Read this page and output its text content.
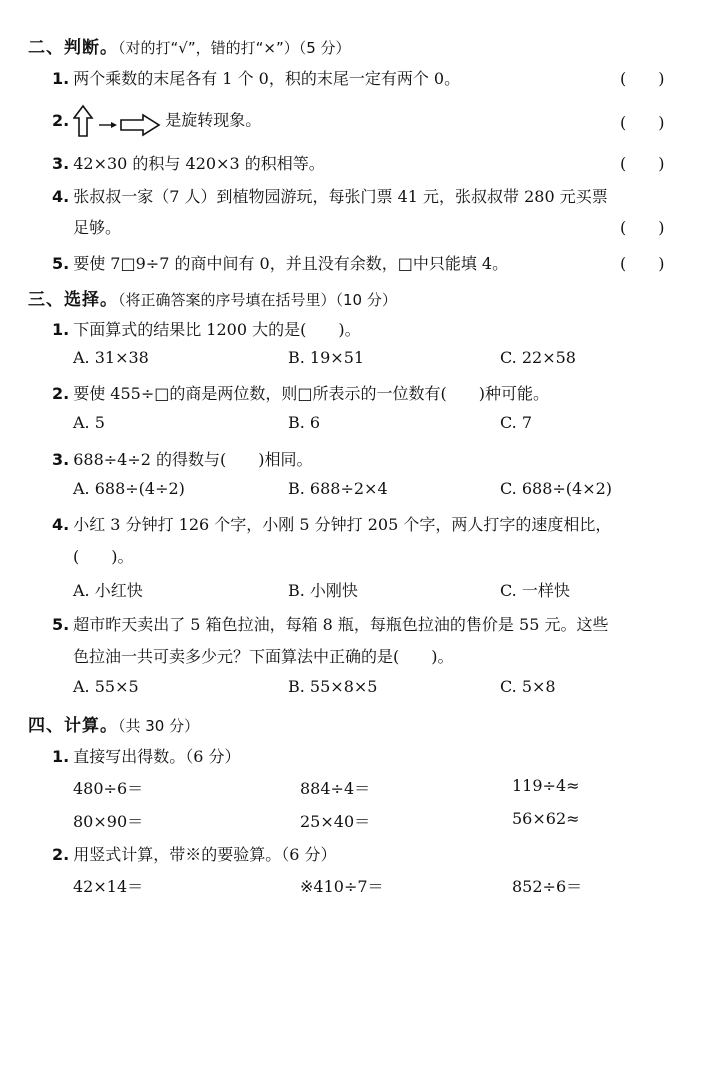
二、判断。（对的打“√”，错的打“×”）（5 分）
1. 两个乘数的末尾各有 1 个 0，积的末尾一定有两个 0。	(　　)
2.	是旋转现象。	(　　)
3. 42×30 的积与 420×3 的积相等。	(　　)
4. 张叔叔一家（7 人）到植物园游玩，每张门票 41 元，张叔叔带 280 元买票
足够。	(　　)
5. 要使 7□9÷7 的商中间有 0，并且没有余数，□中只能填 4。	(　　)
三、选择。（将正确答案的序号填在括号里）（10 分）
1. 下面算式的结果比 1200 大的是(　　)。
A. 31×38	B. 19×51	C. 22×58
2. 要使 455÷□的商是两位数，则□所表示的一位数有(　　)种可能。
A. 5	B. 6	C. 7
3. 688÷4÷2 的得数与(　　)相同。
A. 688÷(4÷2)	B. 688÷2×4	C. 688÷(4×2)
4. 小红 3 分钟打 126 个字，小刚 5 分钟打 205 个字，两人打字的速度相比，
(　　)。
A. 小红快	B. 小刚快	C. 一样快
5. 超市昨天卖出了 5 箱色拉油，每箱 8 瓶，每瓶色拉油的售价是 55 元。这些
色拉油一共可卖多少元？下面算法中正确的是(　　)。
A. 55×5	B. 55×8×5	C. 5×8
四、计算。（共 30 分）
1. 直接写出得数。（6 分）
480÷6＝	884÷4＝	119÷4≈
80×90＝	25×40＝	56×62≈
2. 用竖式计算，带※的要验算。（6 分）
42×14＝	※410÷7＝	852÷6＝
